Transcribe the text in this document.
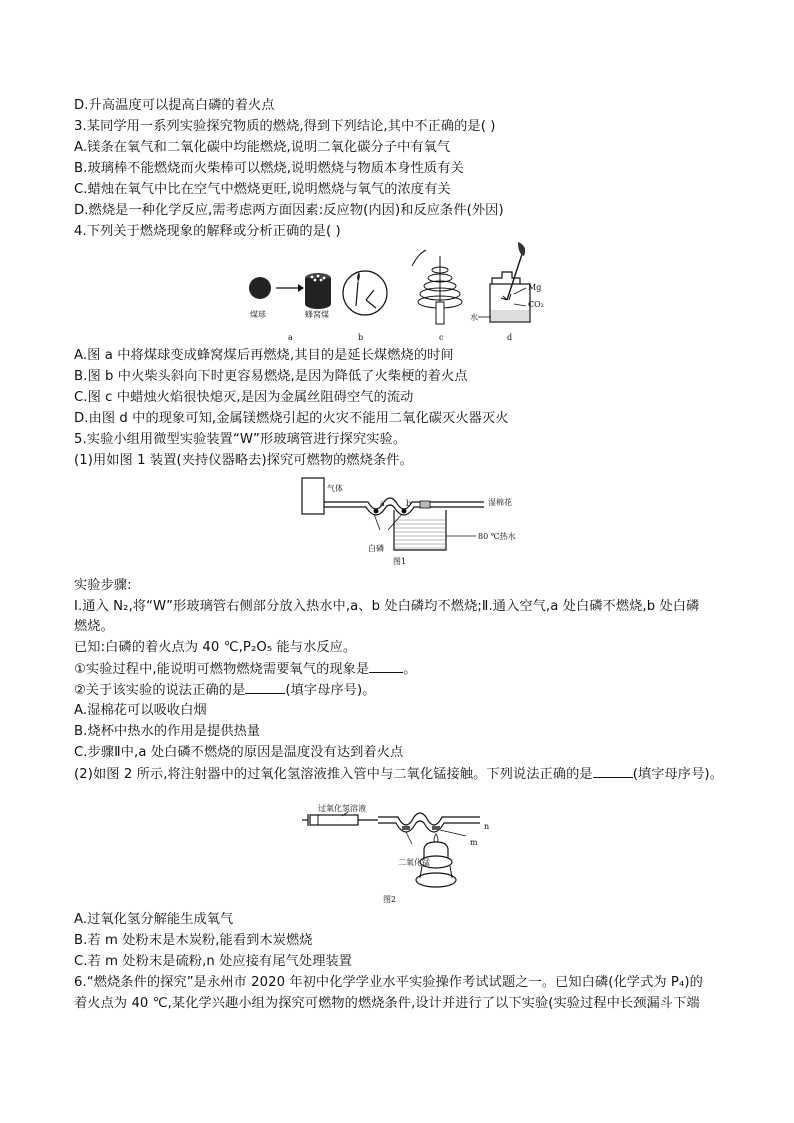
D.升高温度可以提高白磷的着火点
3.某同学用一系列实验探究物质的燃烧,得到下列结论,其中不正确的是( )
A.镁条在氧气和二氧化碳中均能燃烧,说明二氧化碳分子中有氧气
B.玻璃棒不能燃烧而火柴棒可以燃烧,说明燃烧与物质本身性质有关
C.蜡烛在氧气中比在空气中燃烧更旺,说明燃烧与氧气的浓度有关
D.燃烧是一种化学反应,需考虑两方面因素:反应物(内因)和反应条件(外因)
4.下列关于燃烧现象的解释或分析正确的是( )
煤球	蜂窝煤
a	b	c	d
Mg
CO₂
水
A.图 a 中将煤球变成蜂窝煤后再燃烧,其目的是延长煤燃烧的时间
B.图 b 中火柴头斜向下时更容易燃烧,是因为降低了火柴梗的着火点
C.图 c 中蜡烛火焰很快熄灭,是因为金属丝阻碍空气的流动
D.由图 d 中的现象可知,金属镁燃烧引起的火灾不能用二氧化碳灭火器灭火
5.实验小组用微型实验装置“W”形玻璃管进行探究实验。
(1)用如图 1 装置(夹持仪器略去)探究可燃物的燃烧条件。
气体
a	b	湿棉花
80 ℃热水
白磷
图1
实验步骤:
Ⅰ.通入 N₂,将“W”形玻璃管右侧部分放入热水中,a、b 处白磷均不燃烧;Ⅱ.通入空气,a 处白磷不燃烧,b 处白磷
燃烧。
已知:白磷的着火点为 40 ℃,P₂O₅ 能与水反应。
①实验过程中,能说明可燃物燃烧需要氧气的现象是	。
②关于该实验的说法正确的是	(填字母序号)。
A.湿棉花可以吸收白烟
B.烧杯中热水的作用是提供热量
C.步骤Ⅱ中,a 处白磷不燃烧的原因是温度没有达到着火点
(2)如图 2 所示,将注射器中的过氧化氢溶液推入管中与二氧化锰接触。下列说法正确的是	(填字母序号)。
过氧化氢溶液
n
m
二氧化锰
图2
A.过氧化氢分解能生成氧气
B.若 m 处粉末是木炭粉,能看到木炭燃烧
C.若 m 处粉末是硫粉,n 处应接有尾气处理装置
6.“燃烧条件的探究”是永州市 2020 年初中化学学业水平实验操作考试试题之一。已知白磷(化学式为 P₄)的
着火点为 40 ℃,某化学兴趣小组为探究可燃物的燃烧条件,设计并进行了以下实验(实验过程中长颈漏斗下端
